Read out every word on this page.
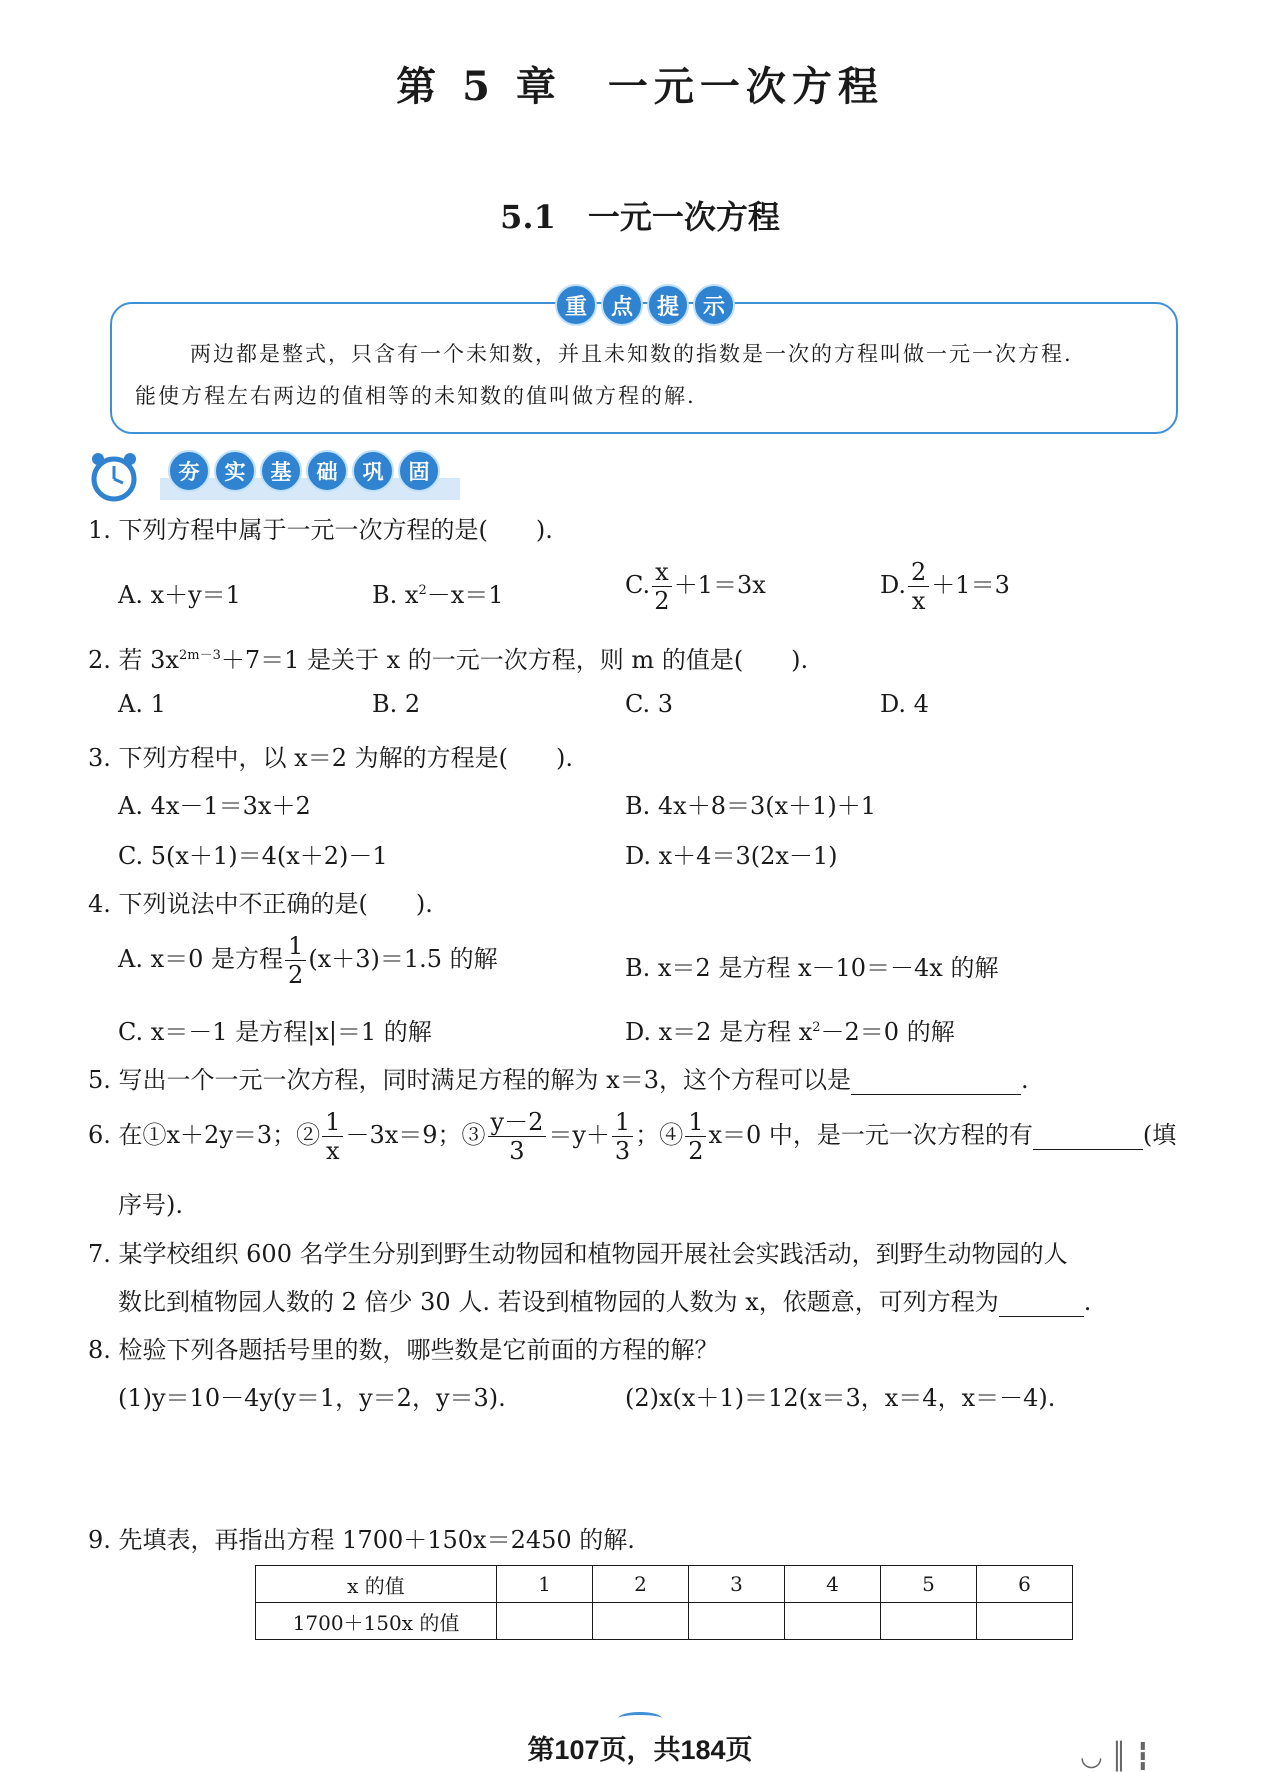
第 5 章　一元一次方程
5.1　一元一次方程
重	点	提	示
两边都是整式，只含有一个未知数，并且未知数的指数是一次的方程叫做一元一次方程.
能使方程左右两边的值相等的未知数的值叫做方程的解.
夯	实	基	础	巩	固
1. 下列方程中属于一元一次方程的是(　　).
A. x＋y＝1	B. $x^2-x=1$	C. $\frac{x}{2} +1=3x$	D. $\frac{2}{x} +1=3$
2. 若 $3x^{2m-3}+7=1$ 是关于 x 的一元一次方程，则 m 的值是(　　).
A. 1	B. 2	C. 3	D. 4
3. 下列方程中，以 x＝2 为解的方程是(　　).
A. 4x－1＝3x＋2	B. 4x＋8＝3(x＋1)＋1
C. 5(x＋1)＝4(x＋2)－1	D. x＋4＝3(2x－1)
4. 下列说法中不正确的是(　　).
A. x＝0 是方程 $\frac{1}{2} (x+3)=1.5$ 的解	B. x＝2 是方程 x－10＝－4x 的解
C. x＝－1 是方程|x|＝1 的解	D. x＝2 是方程 $x^2-2=0$ 的解
5. 写出一个一元一次方程，同时满足方程的解为 x＝3，这个方程可以是	.
6. 在①x＋2y＝3；② $\frac{1}{x} -3x=9$；③ $\frac{y-2}{3} =y+ \frac{1}{3}$ ；④ $\frac{1}{2} x=0$ 中，是一元一次方程的有	(填
序号).
7. 某学校组织 600 名学生分别到野生动物园和植物园开展社会实践活动，到野生动物园的人
数比到植物园人数的 2 倍少 30 人. 若设到植物园的人数为 x，依题意，可列方程为	.
8. 检验下列各题括号里的数，哪些数是它前面的方程的解？
(1)y＝10－4y(y＝1，y＝2，y＝3).	(2)x(x＋1)＝12(x＝3，x＝4，x＝－4).
9. 先填表，再指出方程 1700＋150x＝2450 的解.
x 的值	1	2	3	4	5	6
1700＋150x 的值						
第107页，共184页	◡ ║ ┇
